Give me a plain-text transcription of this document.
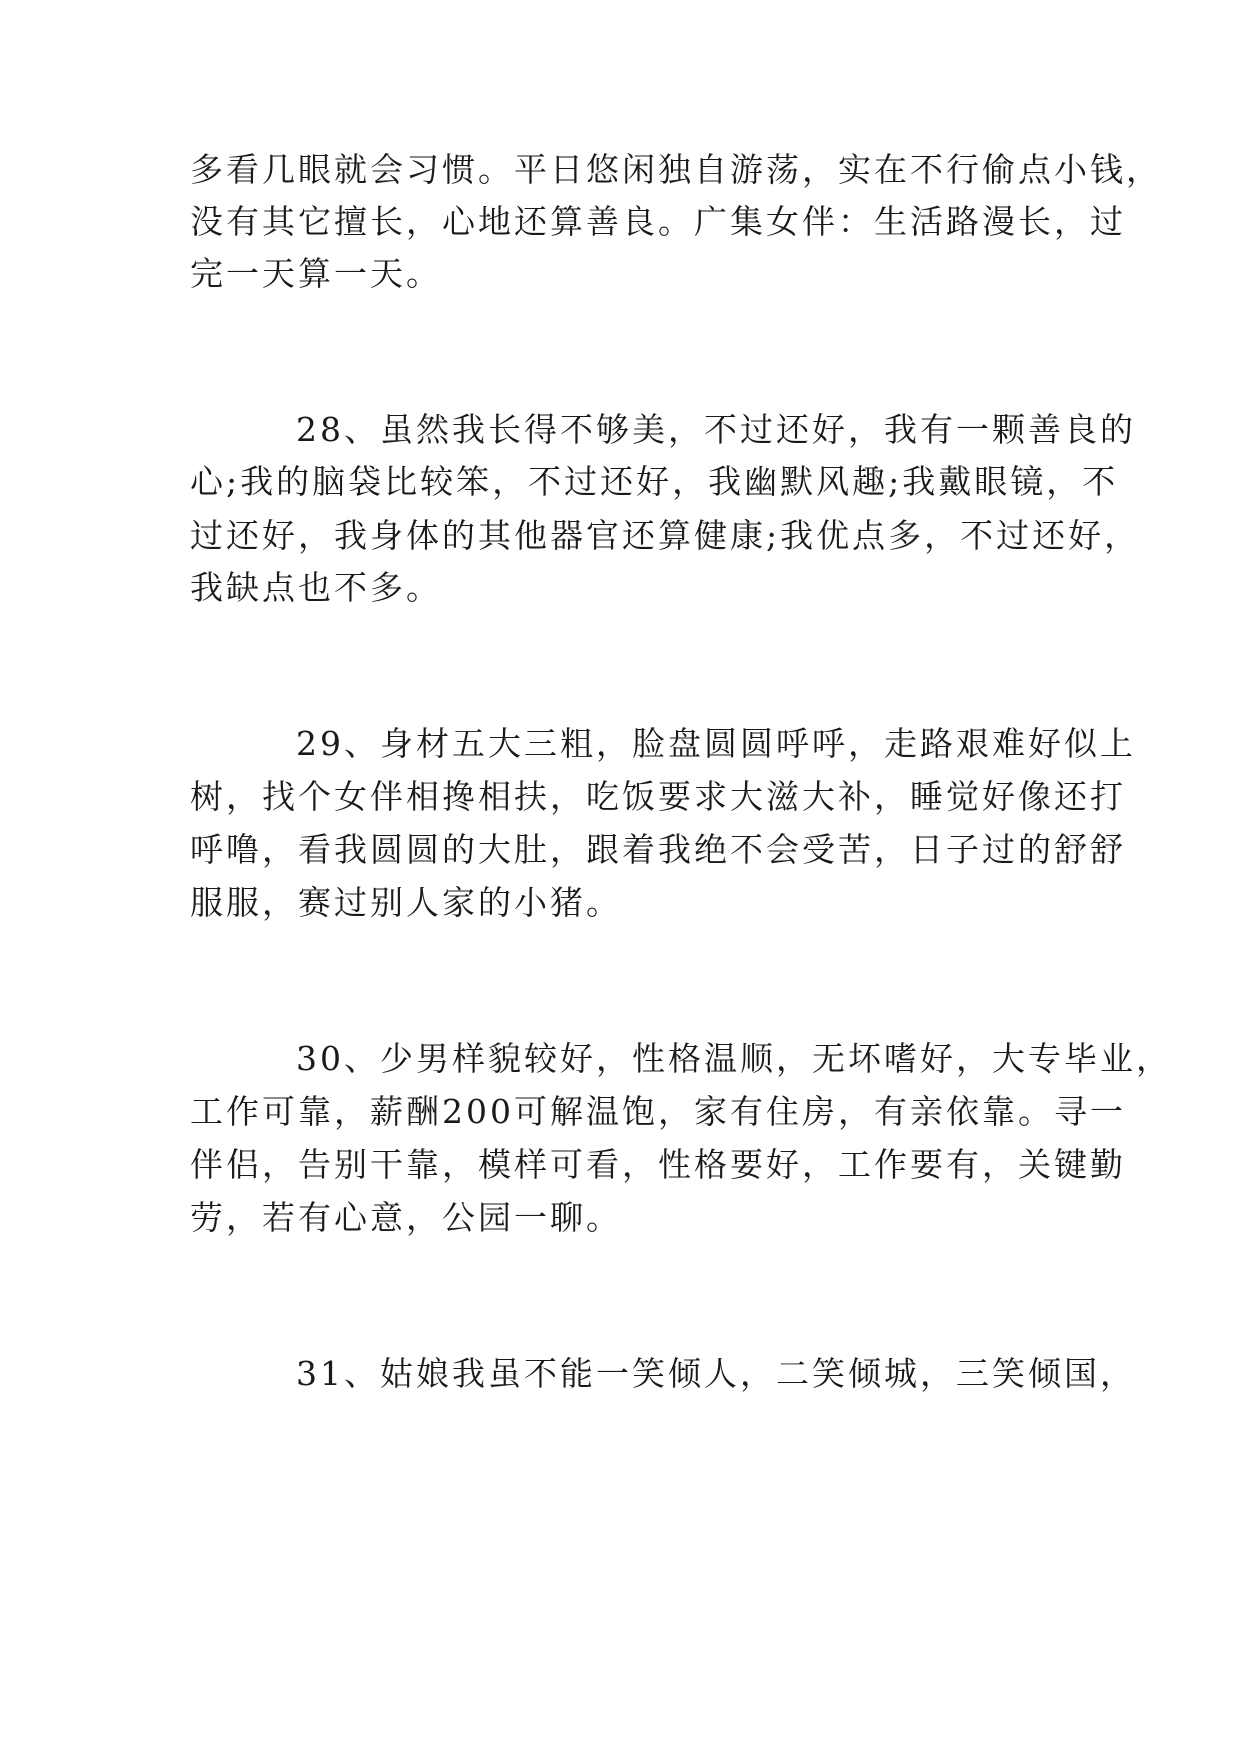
多看几眼就会习惯。平日悠闲独自游荡，实在不行偷点小钱，
没有其它擅长，心地还算善良。广集女伴：生活路漫长，过
完一天算一天。
28、虽然我长得不够美，不过还好，我有一颗善良的
心;我的脑袋比较笨，不过还好，我幽默风趣;我戴眼镜，不
过还好，我身体的其他器官还算健康;我优点多，不过还好，
我缺点也不多。
29、身材五大三粗，脸盘圆圆呼呼，走路艰难好似上
树，找个女伴相搀相扶，吃饭要求大滋大补，睡觉好像还打
呼噜，看我圆圆的大肚，跟着我绝不会受苦，日子过的舒舒
服服，赛过别人家的小猪。
30、少男样貌较好，性格温顺，无坏嗜好，大专毕业，
工作可靠，薪酬200可解温饱，家有住房，有亲依靠。寻一
伴侣，告别干靠，模样可看，性格要好，工作要有，关键勤
劳，若有心意，公园一聊。
31、姑娘我虽不能一笑倾人，二笑倾城，三笑倾国，
